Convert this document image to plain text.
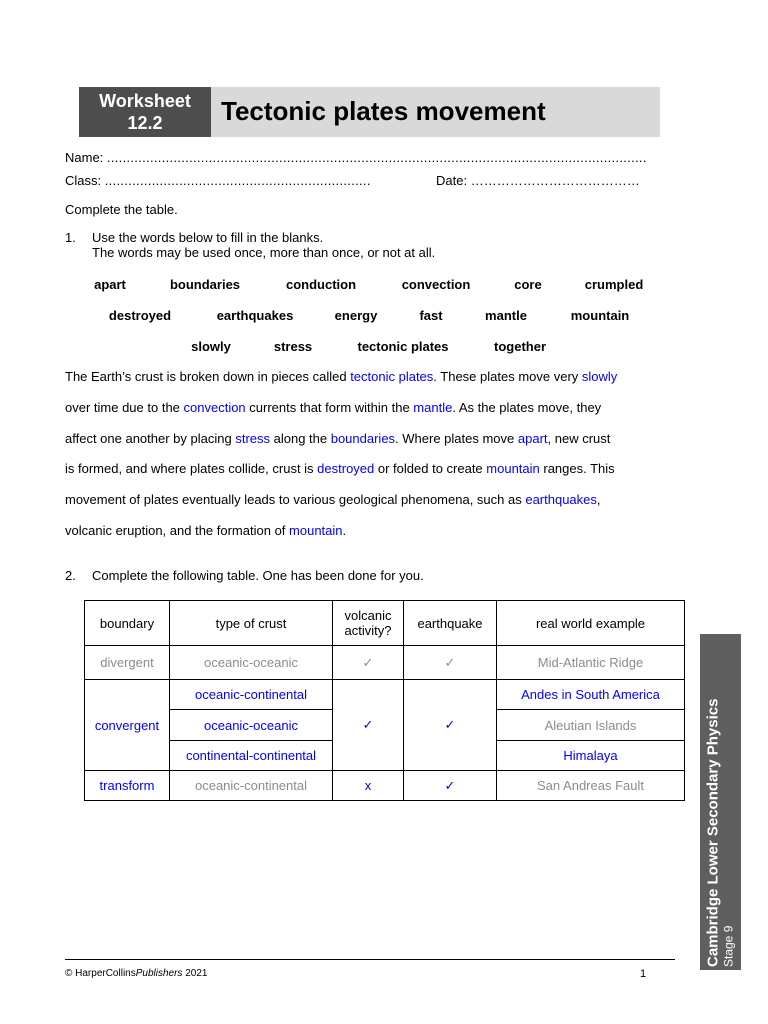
Worksheet
12.2	Tectonic plates movement
Name: ..........................................................................................................................................
Class: ....................................................................	Date: …………………………………
Complete the table.
1. Use the words below to fill in the blanks.
The words may be used once, more than once, or not at all.
apart	boundaries	conduction	convection	core	crumpled
destroyed	earthquakes	energy	fast	mantle	mountain
slowly	stress	tectonic plates	together
The Earth’s crust is broken down in pieces called tectonic plates. These plates move very slowly
over time due to the convection currents that form within the mantle. As the plates move, they
affect one another by placing stress along the boundaries. Where plates move apart, new crust
is formed, and where plates collide, crust is destroyed or folded to create mountain ranges. This
movement of plates eventually leads to various geological phenomena, such as earthquakes,
volcanic eruption, and the formation of mountain.
2. Complete the following table. One has been done for you.
boundary	type of crust	volcanic activity?	earthquake	real world example
divergent	oceanic-oceanic	✓	✓	Mid-Atlantic Ridge
convergent	oceanic-continental	✓	✓	Andes in South America
	oceanic-oceanic			Aleutian Islands
	continental-continental			Himalaya
transform	oceanic-continental	x	✓	San Andreas Fault	Cambridge Lower Secondary Physics Stage 9
© HarperCollinsPublishers 2021	1
